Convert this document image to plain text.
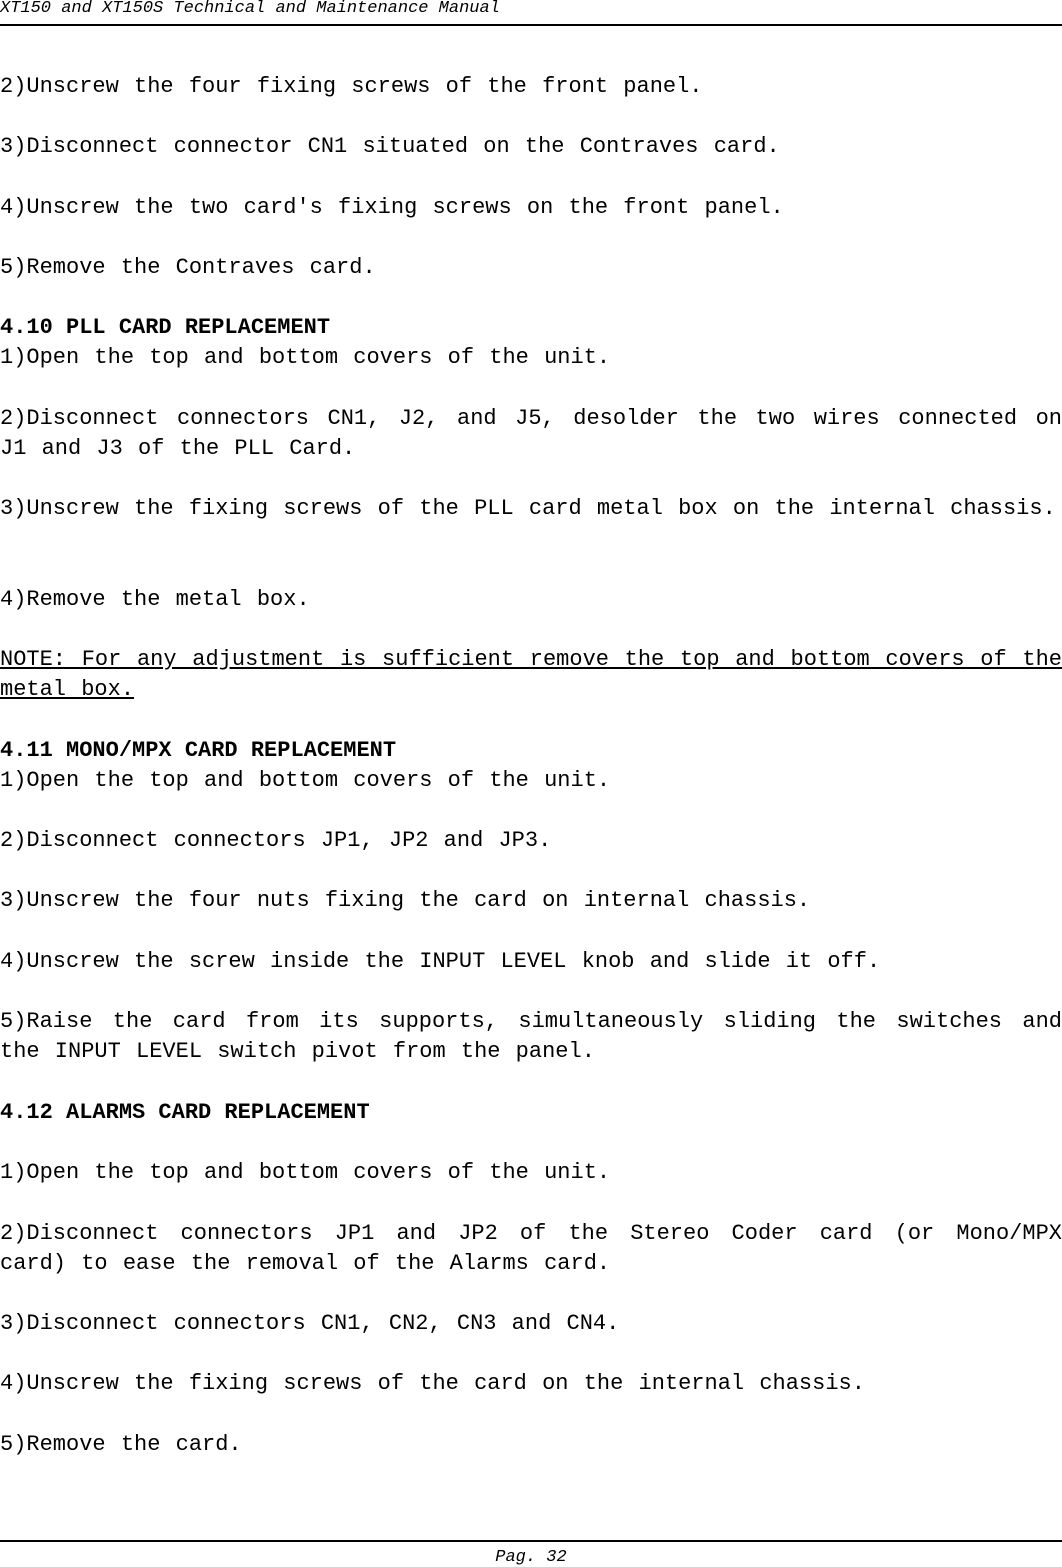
XT150 and XT150S Technical and Maintenance Manual

2)Unscrew the four fixing screws of the front panel.

3)Disconnect connector CN1 situated on the Contraves card.

4)Unscrew the two card's fixing screws on the front panel.

5)Remove the Contraves card.

4.10 PLL CARD REPLACEMENT

1)Open the top and bottom covers of the unit.

2)Disconnect connectors CN1, J2, and J5, desolder the two wires connected on J1 and J3 of the PLL Card.

3)Unscrew the fixing screws of the PLL card metal box on the internal chassis.

4)Remove the metal box.

NOTE: For any adjustment is sufficient remove the top and bottom covers of the metal box.

4.11 MONO/MPX CARD REPLACEMENT

1)Open the top and bottom covers of the unit.

2)Disconnect connectors JP1, JP2 and JP3.

3)Unscrew the four nuts fixing the card on internal chassis.

4)Unscrew the screw inside the INPUT LEVEL knob and slide it off.

5)Raise the card from its supports, simultaneously sliding the switches and the INPUT LEVEL switch pivot from the panel.

4.12 ALARMS CARD REPLACEMENT

1)Open the top and bottom covers of the unit.

2)Disconnect connectors JP1 and JP2 of the Stereo Coder card (or Mono/MPX card) to ease the removal of the Alarms card.

3)Disconnect connectors CN1, CN2, CN3 and CN4.

4)Unscrew the fixing screws of the card on the internal chassis.

5)Remove the card.

Pag. 32
